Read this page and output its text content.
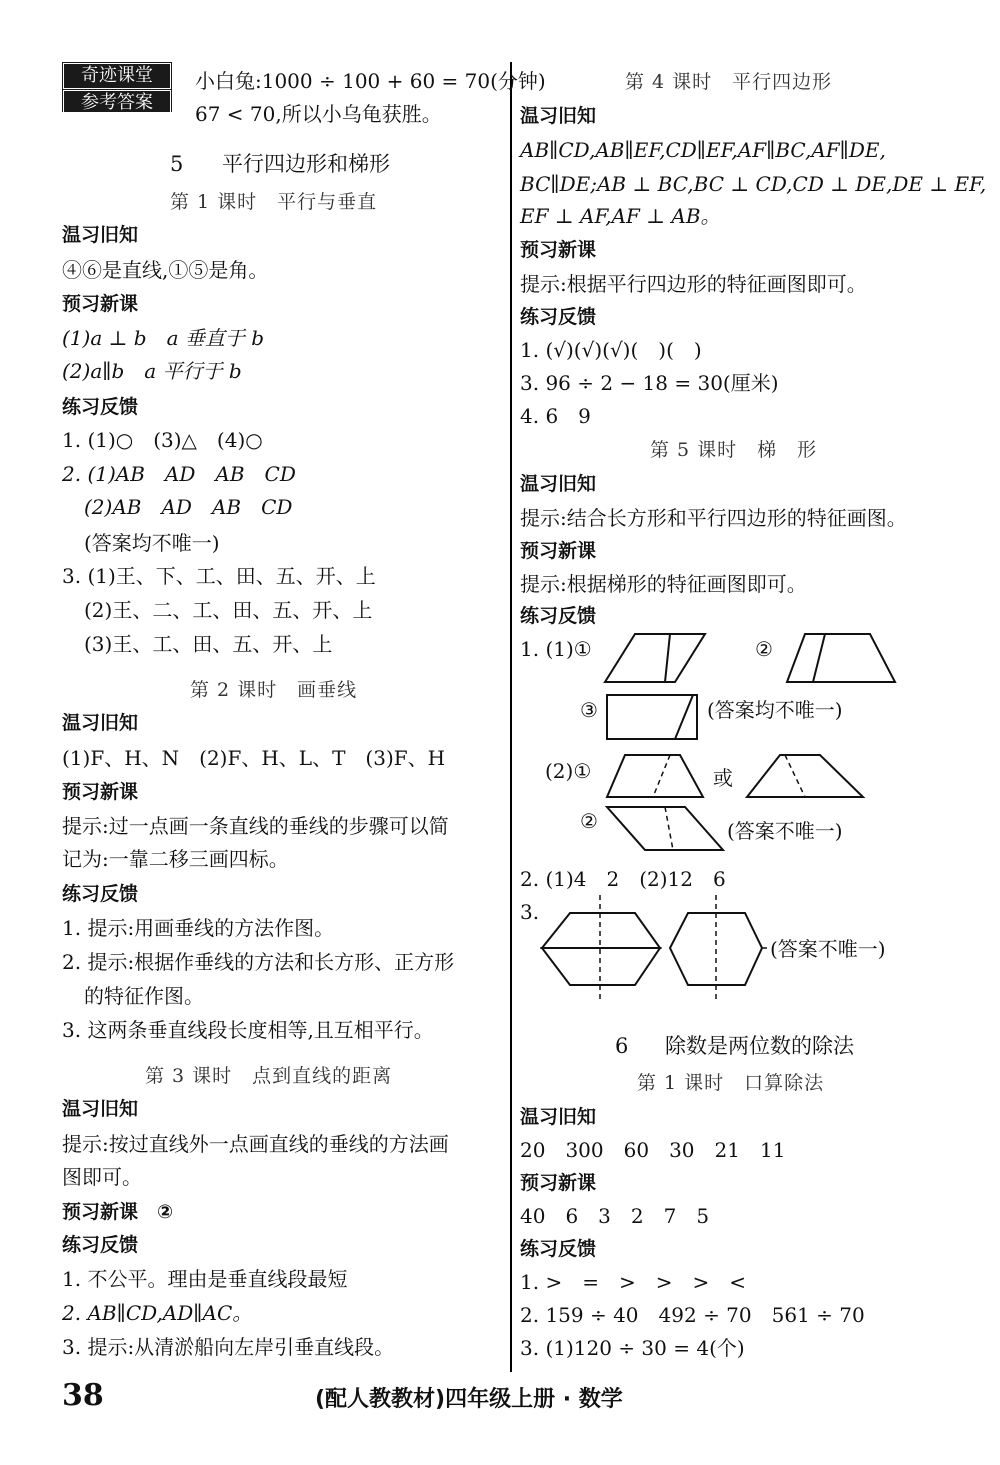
奇迹课堂
参考答案
小白兔:1000 ÷ 100 + 60 = 70(分钟)
67 < 70,所以小乌龟获胜。
5 平行四边形和梯形
第 1 课时　平行与垂直
温习旧知
④⑥是直线,①⑤是角。
预习新课
(1)a ⊥ b　a 垂直于 b
(2)a∥b　a 平行于 b
练习反馈
1. (1)○　(3)△　(4)○
2. (1)AB　AD　AB　CD
(2)AB　AD　AB　CD
(答案均不唯一)
3. (1)王、下、工、田、五、开、上
(2)王、二、工、田、五、开、上
(3)王、工、田、五、开、上
第 2 课时　画垂线
温习旧知
(1)F、H、N　(2)F、H、L、T　(3)F、H
预习新课
提示:过一点画一条直线的垂线的步骤可以简
记为:一靠二移三画四标。
练习反馈
1. 提示:用画垂线的方法作图。
2. 提示:根据作垂线的方法和长方形、正方形
的特征作图。
3. 这两条垂直线段长度相等,且互相平行。
第 3 课时　点到直线的距离
温习旧知
提示:按过直线外一点画直线的垂线的方法画
图即可。
预习新课　②
练习反馈
1. 不公平。理由是垂直线段最短
2. AB∥CD,AD∥AC。
3. 提示:从清淤船向左岸引垂直线段。
第 4 课时　平行四边形
温习旧知
AB∥CD,AB∥EF,CD∥EF,AF∥BC,AF∥DE,
BC∥DE;AB ⊥ BC,BC ⊥ CD,CD ⊥ DE,DE ⊥ EF,
EF ⊥ AF,AF ⊥ AB。
预习新课
提示:根据平行四边形的特征画图即可。
练习反馈
1. (√)(√)(√)(　)(　)
3. 96 ÷ 2 − 18 = 30(厘米)
4. 6　9
第 5 课时　梯　形
温习旧知
提示:结合长方形和平行四边形的特征画图。
预习新课
提示:根据梯形的特征画图即可。
练习反馈
1. (1)①	②
③	(答案均不唯一)
(2)①	或
②	(答案不唯一)
2. (1)4　2　(2)12　6
3.
(答案不唯一)
6 除数是两位数的除法
第 1 课时　口算除法
温习旧知
20　300　60　30　21　11
预习新课
40　6　3　2　7　5
练习反馈
1. >　=　>　>　>　<
2. 159 ÷ 40　492 ÷ 70　561 ÷ 70
3. (1)120 ÷ 30 = 4(个)
38	(配人教教材)四年级上册 · 数学
